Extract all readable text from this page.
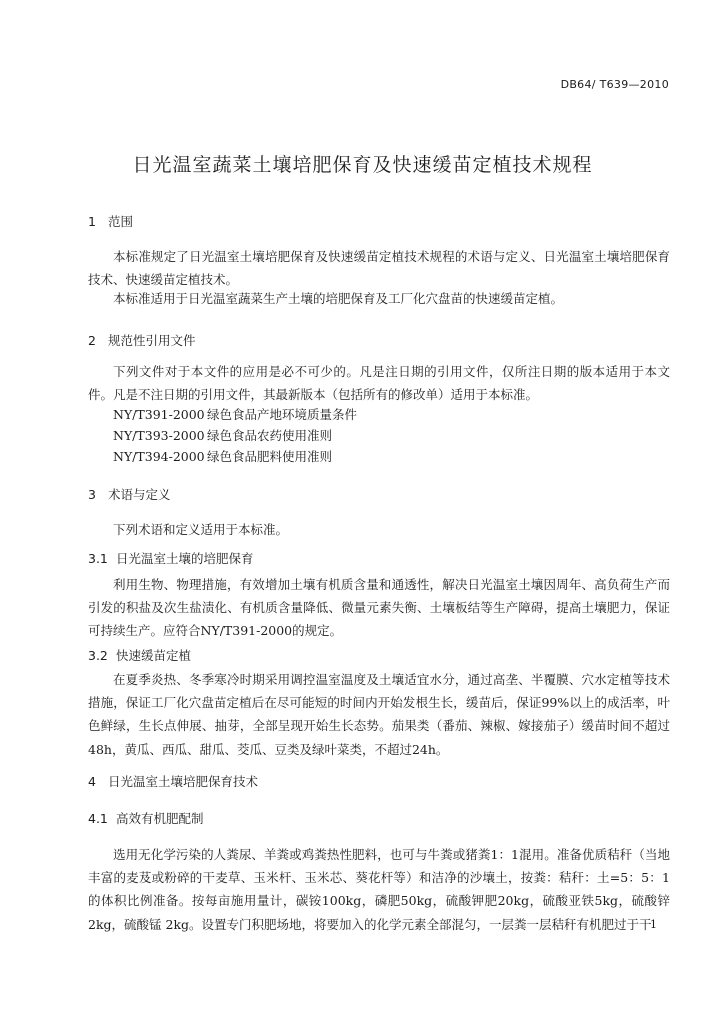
DB64/ T639—2010
日光温室蔬菜土壤培肥保育及快速缓苗定植技术规程
1 范围

本标准规定了日光温室土壤培肥保育及快速缓苗定植技术规程的术语与定义、日光温室土壤培肥保育技术、快速缓苗定植技术。

本标准适用于日光温室蔬菜生产土壤的培肥保育及工厂化穴盘苗的快速缓苗定植。

2 规范性引用文件

下列文件对于本文件的应用是必不可少的。凡是注日期的引用文件，仅所注日期的版本适用于本文件。凡是不注日期的引用文件，其最新版本（包括所有的修改单）适用于本标准。

NY/T391-2000 绿色食品产地环境质量条件
NY/T393-2000 绿色食品农药使用准则
NY/T394-2000 绿色食品肥料使用准则
3 术语与定义

下列术语和定义适用于本标准。

3.1 日光温室土壤的培肥保育

利用生物、物理措施，有效增加土壤有机质含量和通透性，解决日光温室土壤因周年、高负荷生产而引发的积盐及次生盐渍化、有机质含量降低、微量元素失衡、土壤板结等生产障碍，提高土壤肥力，保证可持续生产。应符合NY/T391-2000的规定。

3.2 快速缓苗定植

在夏季炎热、冬季寒冷时期采用调控温室温度及土壤适宜水分，通过高垄、半覆膜、穴水定植等技术措施，保证工厂化穴盘苗定植后在尽可能短的时间内开始发根生长，缓苗后，保证99%以上的成活率，叶色鲜绿，生长点伸展、抽芽，全部呈现开始生长态势。茄果类（番茄、辣椒、嫁接茄子）缓苗时间不超过48h，黄瓜、西瓜、甜瓜、茭瓜、豆类及绿叶菜类，不超过24h。

4 日光温室土壤培肥保育技术
4.1 高效有机肥配制

选用无化学污染的人粪尿、羊粪或鸡粪热性肥料，也可与牛粪或猪粪1：1混用。准备优质秸秆（当地丰富的麦芨或粉碎的干麦草、玉米杆、玉米芯、葵花杆等）和洁净的沙壤土，按粪：秸秆：土=5：5：1的体积比例准备。按每亩施用量计，碳铵100kg，磷肥50kg，硫酸钾肥20kg，硫酸亚铁5kg，硫酸锌2kg，硫酸锰 2kg。设置专门积肥场地，将要加入的化学元素全部混匀，一层粪一层秸秆有机肥过于干

1
